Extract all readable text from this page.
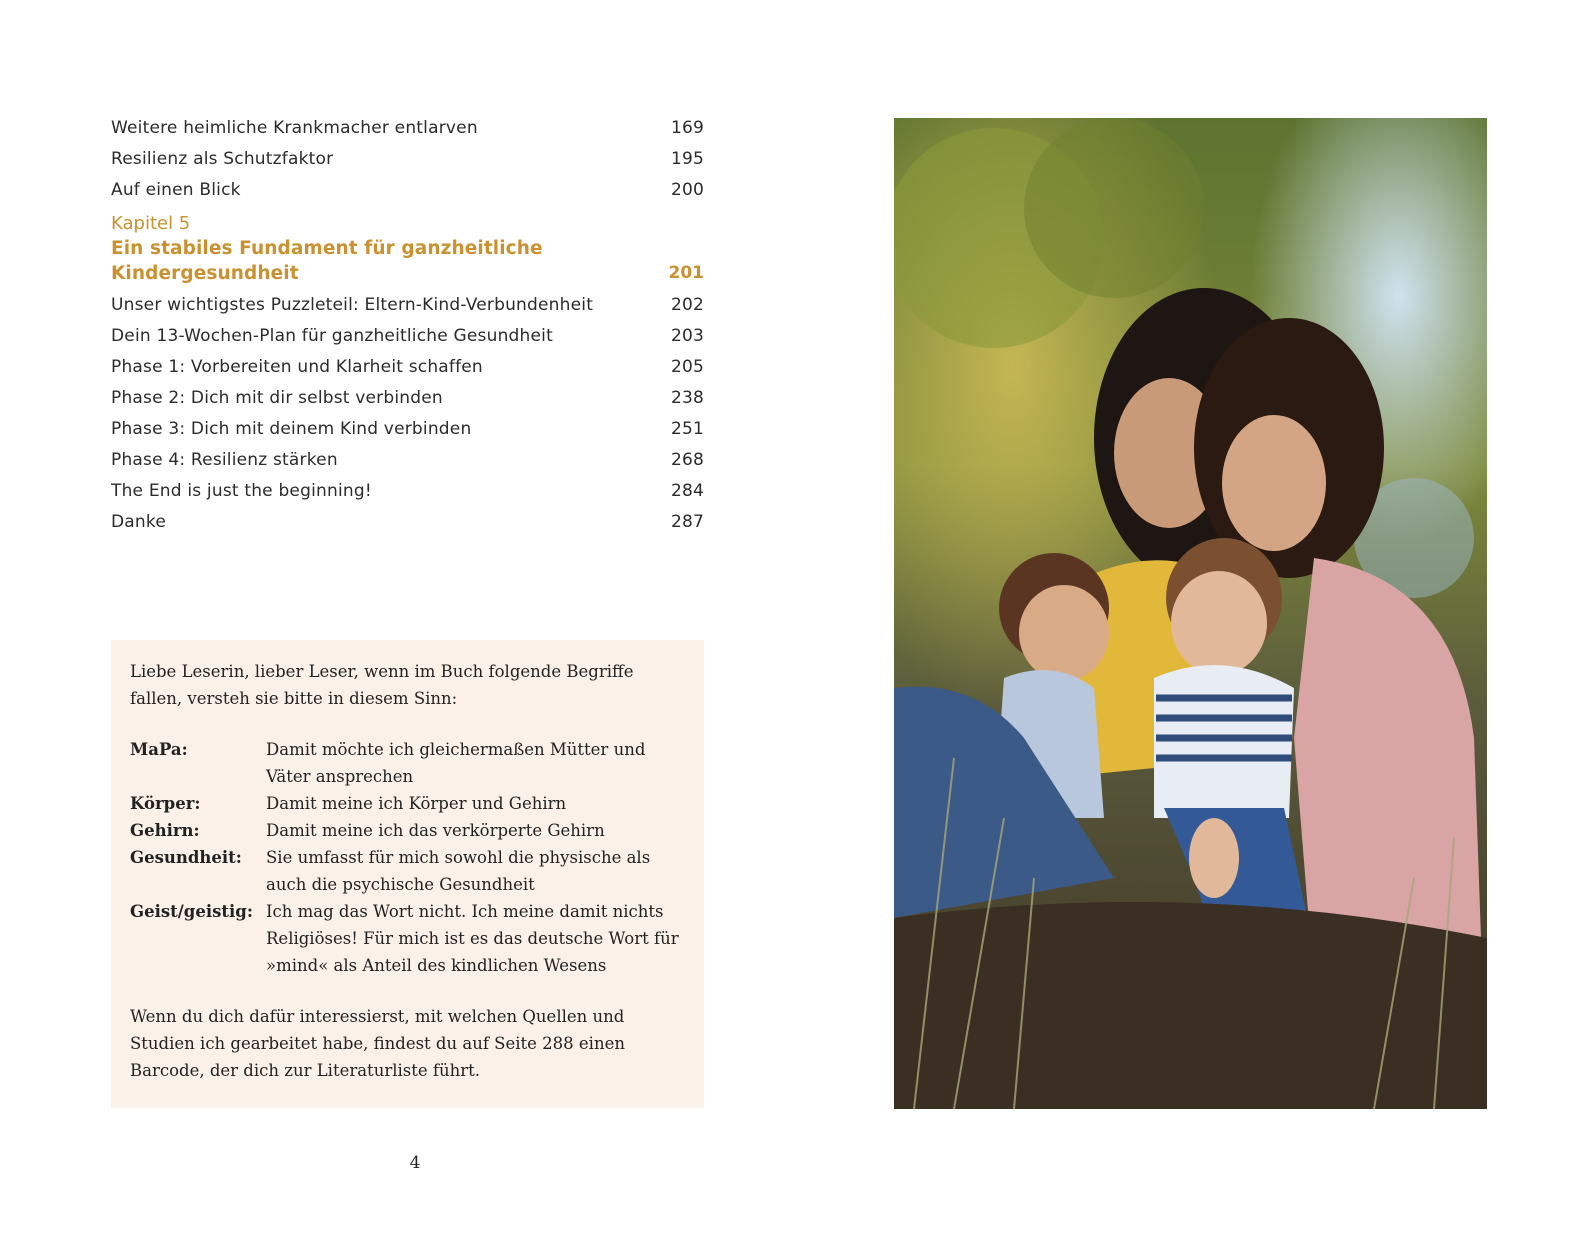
Weitere heimliche Krankmacher entlarven	169
Resilienz als Schutzfaktor	195
Auf einen Blick	200
Kapitel 5
Ein stabiles Fundament für ganzheitliche
Kindergesundheit	201
Unser wichtigstes Puzzleteil: Eltern-Kind-Verbundenheit	202
Dein 13-Wochen-Plan für ganzheitliche Gesundheit	203
Phase 1: Vorbereiten und Klarheit schaffen	205
Phase 2: Dich mit dir selbst verbinden	238
Phase 3: Dich mit deinem Kind verbinden	251
Phase 4: Resilienz stärken	268
The End is just the beginning!	284
Danke	287

Liebe Leserin, lieber Leser, wenn im Buch folgende Begriffe fallen, versteh sie bitte in diesem Sinn:

MaPa:	Damit möchte ich gleichermaßen Mütter und Väter ansprechen
Körper:	Damit meine ich Körper und Gehirn
Gehirn:	Damit meine ich das verkörperte Gehirn
Gesundheit:	Sie umfasst für mich sowohl die physische als auch die psychische Gesundheit
Geist/geistig: Ich mag das Wort nicht. Ich meine damit nichts Religiöses! Für mich ist es das deutsche Wort für »mind« als Anteil des kindlichen Wesens

Wenn du dich dafür interessierst, mit welchen Quellen und Studien ich gearbeitet habe, findest du auf Seite 288 einen Barcode, der dich zur Literaturliste führt.

4
